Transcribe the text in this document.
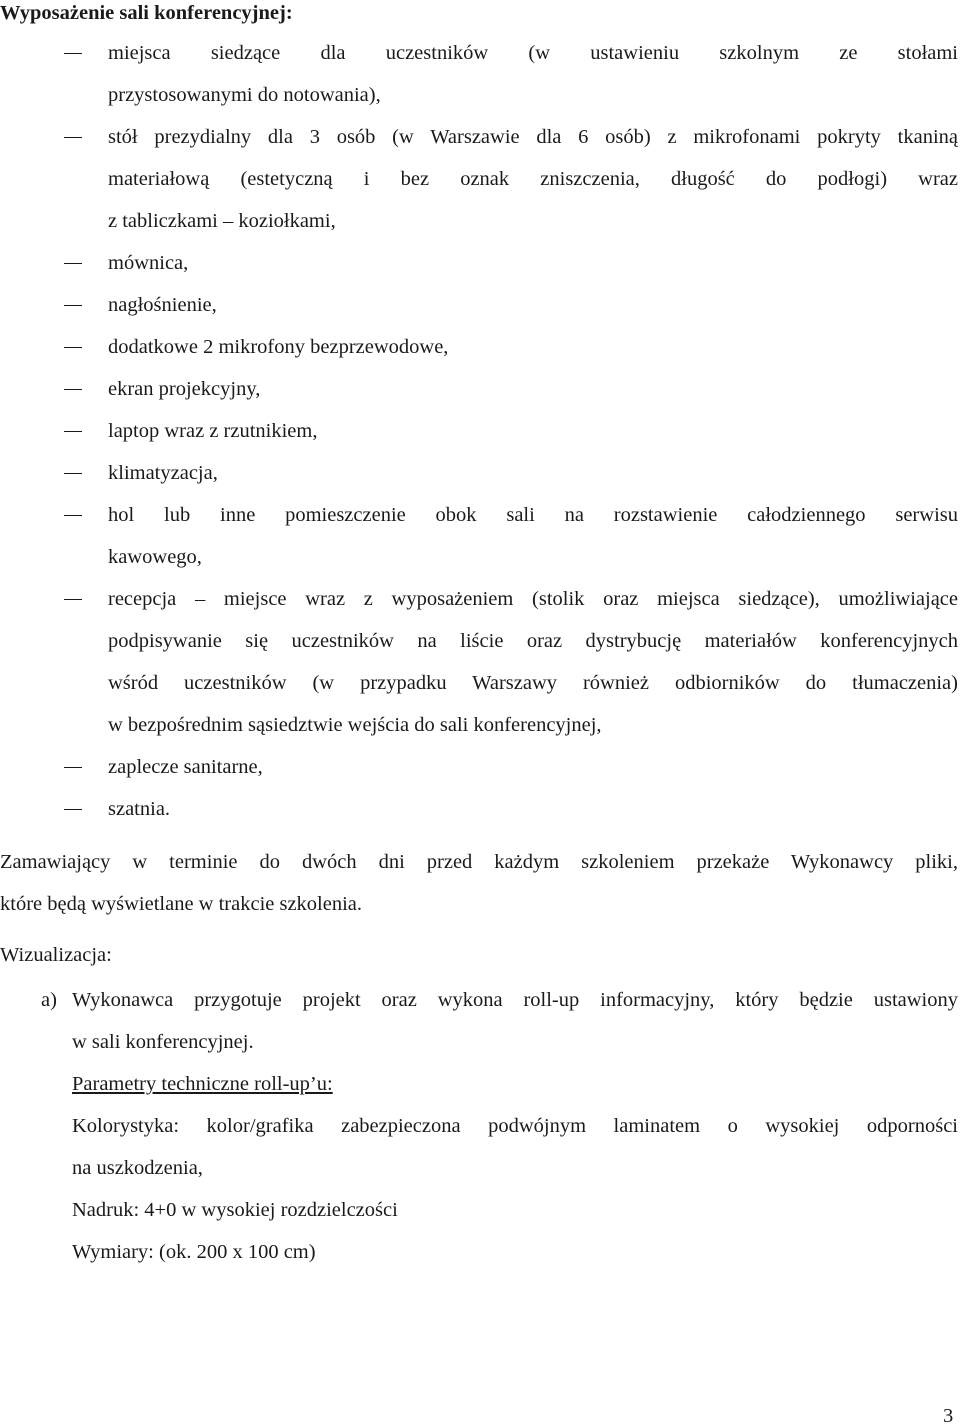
Wyposażenie sali konferencyjnej:
miejsca siedzące dla uczestników (w ustawieniu szkolnym ze stołami
przystosowanymi do notowania),
stół prezydialny dla 3 osób (w Warszawie dla 6 osób) z mikrofonami pokryty tkaniną
materiałową (estetyczną i bez oznak zniszczenia, długość do podłogi) wraz
z tabliczkami – koziołkami,
mównica,
nagłośnienie,
dodatkowe 2 mikrofony bezprzewodowe,
ekran projekcyjny,
laptop wraz z rzutnikiem,
klimatyzacja,
hol lub inne pomieszczenie obok sali na rozstawienie całodziennego serwisu
kawowego,
recepcja – miejsce wraz z wyposażeniem (stolik oraz miejsca siedzące), umożliwiające
podpisywanie się uczestników na liście oraz dystrybucję materiałów konferencyjnych
wśród uczestników (w przypadku Warszawy również odbiorników do tłumaczenia)
w bezpośrednim sąsiedztwie wejścia do sali konferencyjnej,
zaplecze sanitarne,
szatnia.
Zamawiający w terminie do dwóch dni przed każdym szkoleniem przekaże Wykonawcy pliki,
które będą wyświetlane w trakcie szkolenia.
Wizualizacja:
a) Wykonawca przygotuje projekt oraz wykona roll-up informacyjny, który będzie ustawiony
w sali konferencyjnej.
Parametry techniczne roll-up’u:
Kolorystyka: kolor/grafika zabezpieczona podwójnym laminatem o wysokiej odporności
na uszkodzenia,
Nadruk: 4+0 w wysokiej rozdzielczości
Wymiary: (ok. 200 x 100 cm)
3
